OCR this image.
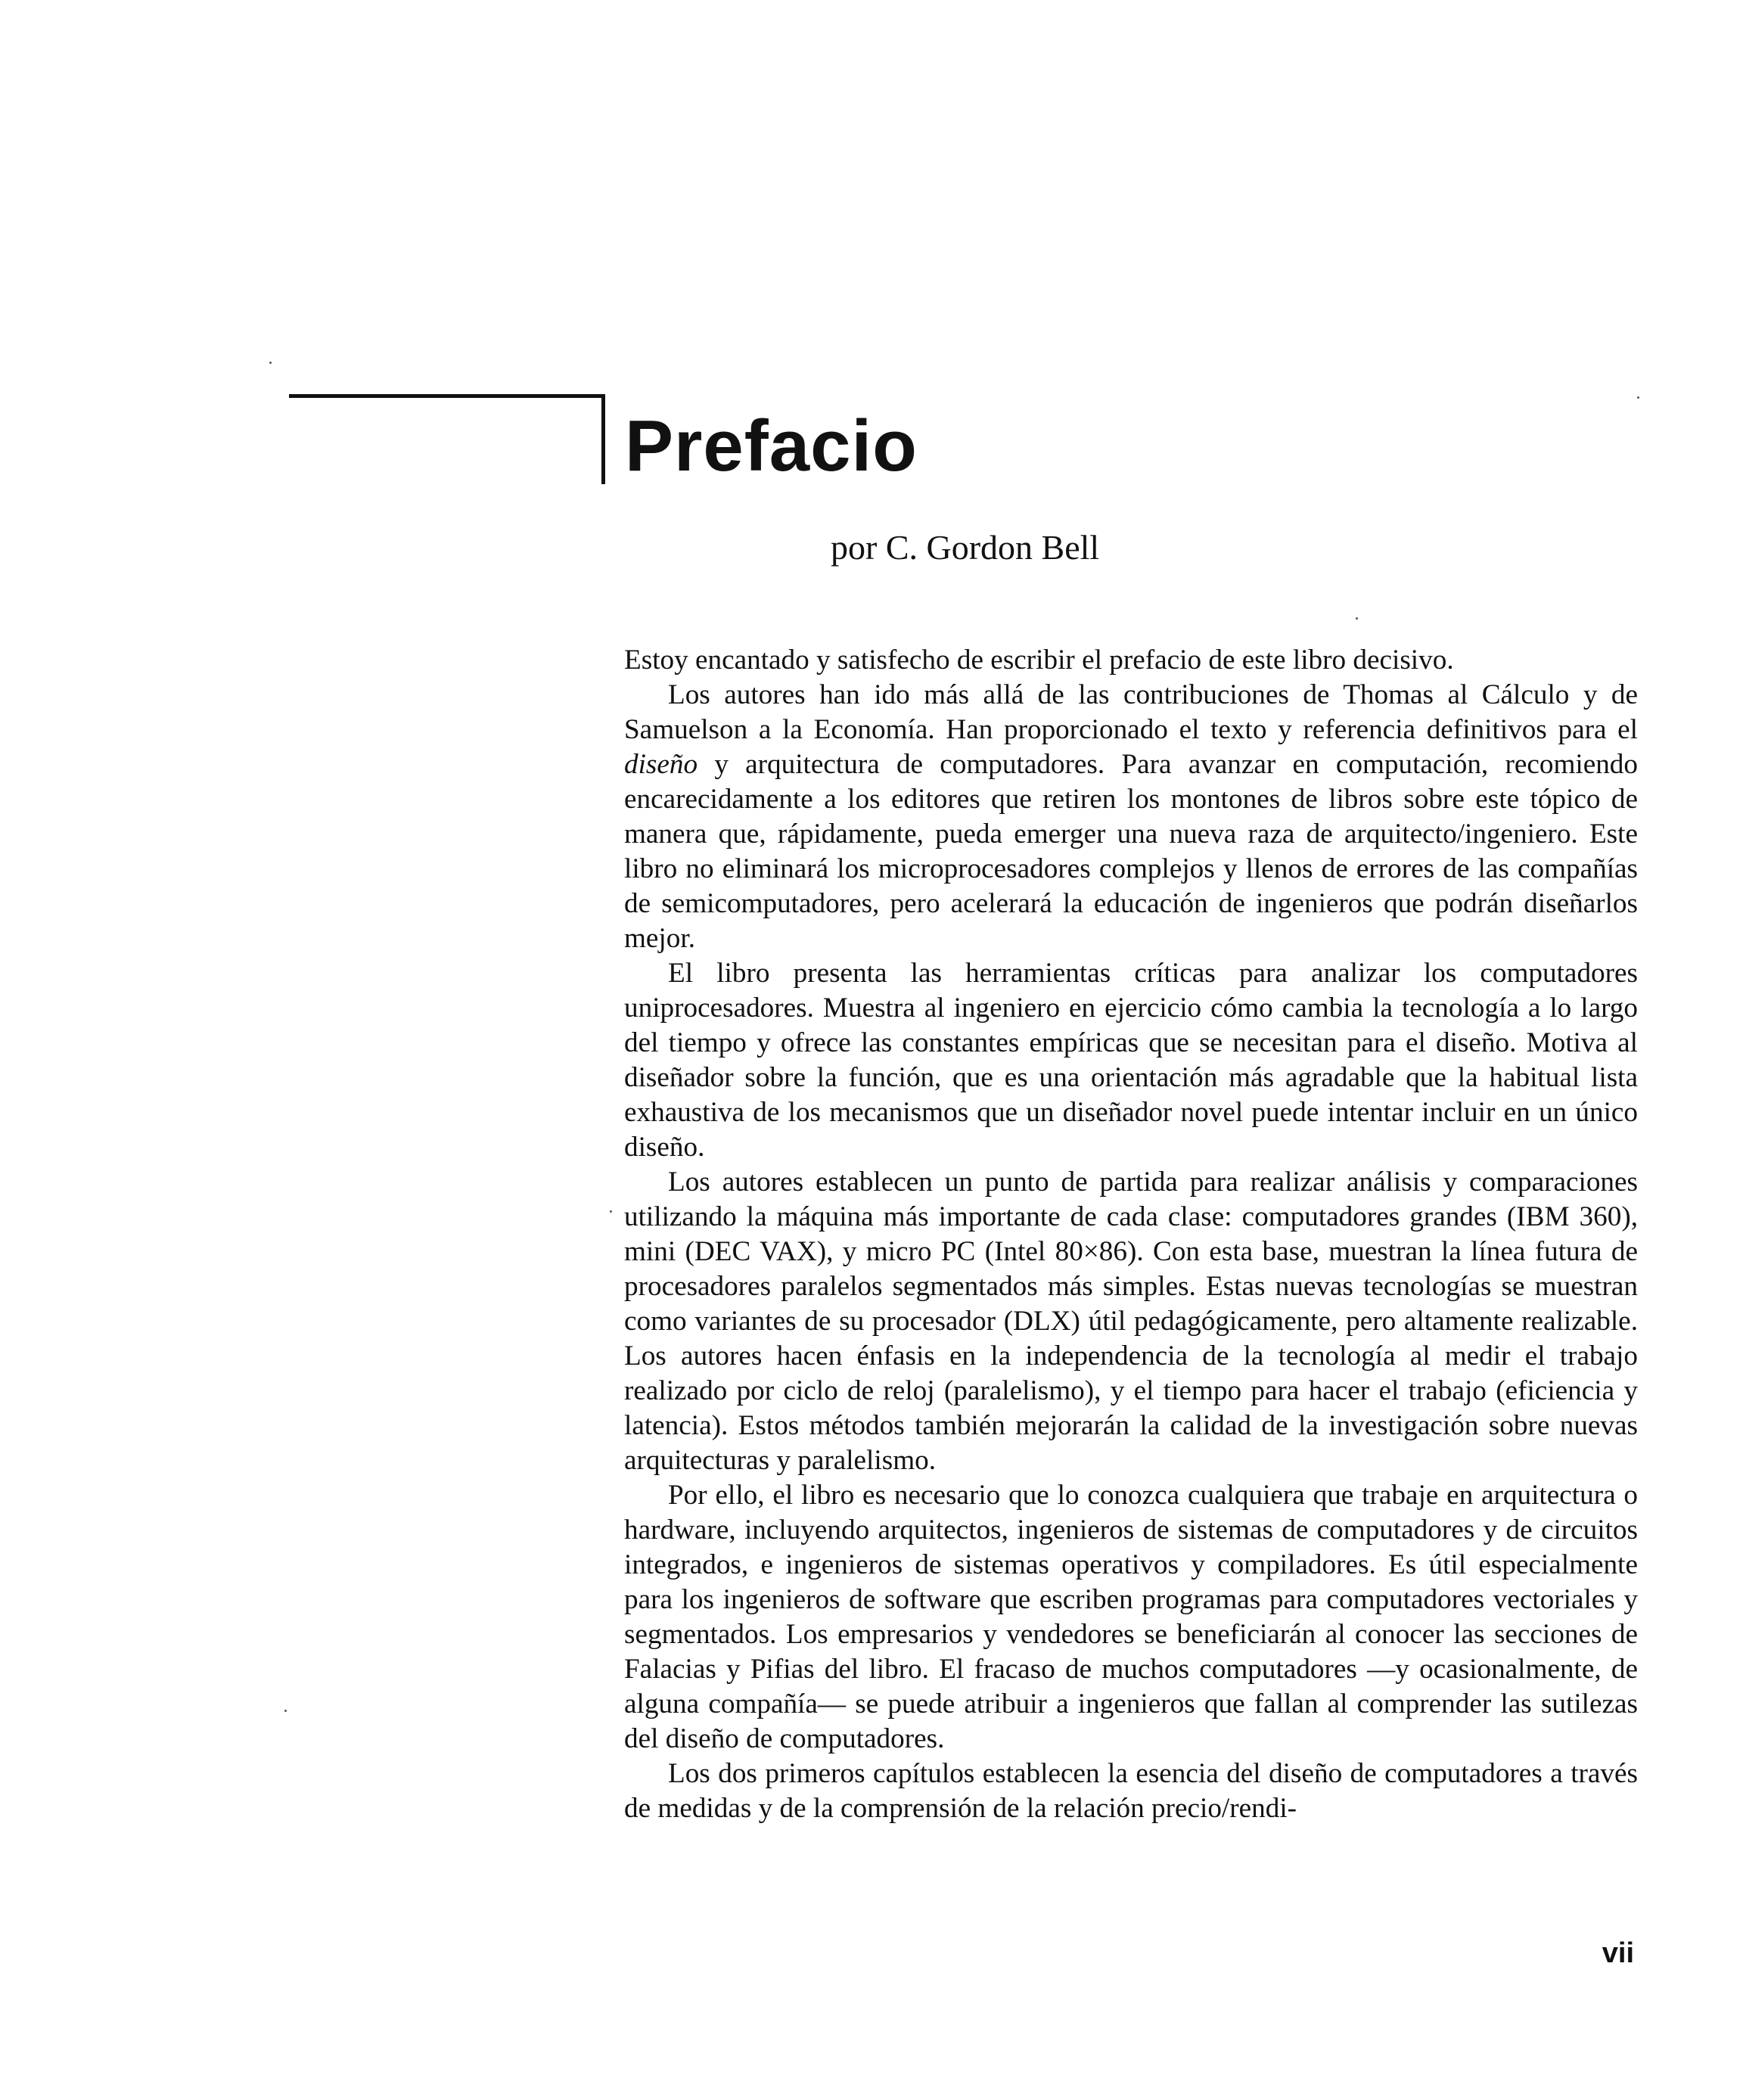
Prefacio

por C. Gordon Bell

Estoy encantado y satisfecho de escribir el prefacio de este libro decisivo.

Los autores han ido más allá de las contribuciones de Thomas al Cálculo y de Samuelson a la Economía. Han proporcionado el texto y referencia definitivos para el diseño y arquitectura de computadores. Para avanzar en computación, recomiendo encarecidamente a los editores que retiren los montones de libros sobre este tópico de manera que, rápidamente, pueda emerger una nueva raza de arquitecto/ingeniero. Este libro no eliminará los microprocesadores complejos y llenos de errores de las compañías de semicomputadores, pero acelerará la educación de ingenieros que podrán diseñarlos mejor.

El libro presenta las herramientas críticas para analizar los computadores uniprocesadores. Muestra al ingeniero en ejercicio cómo cambia la tecnología a lo largo del tiempo y ofrece las constantes empíricas que se necesitan para el diseño. Motiva al diseñador sobre la función, que es una orientación más agradable que la habitual lista exhaustiva de los mecanismos que un diseñador novel puede intentar incluir en un único diseño.

Los autores establecen un punto de partida para realizar análisis y comparaciones utilizando la máquina más importante de cada clase: computadores grandes (IBM 360), mini (DEC VAX), y micro PC (Intel 80×86). Con esta base, muestran la línea futura de procesadores paralelos segmentados más simples. Estas nuevas tecnologías se muestran como variantes de su procesador (DLX) útil pedagógicamente, pero altamente realizable. Los autores hacen énfasis en la independencia de la tecnología al medir el trabajo realizado por ciclo de reloj (paralelismo), y el tiempo para hacer el trabajo (eficiencia y latencia). Estos métodos también mejorarán la calidad de la investigación sobre nuevas arquitecturas y paralelismo.

Por ello, el libro es necesario que lo conozca cualquiera que trabaje en arquitectura o hardware, incluyendo arquitectos, ingenieros de sistemas de computadores y de circuitos integrados, e ingenieros de sistemas operativos y compiladores. Es útil especialmente para los ingenieros de software que escriben programas para computadores vectoriales y segmentados. Los empresarios y vendedores se beneficiarán al conocer las secciones de Falacias y Pifias del libro. El fracaso de muchos computadores —y ocasionalmente, de alguna compañía— se puede atribuir a ingenieros que fallan al comprender las sutilezas del diseño de computadores.

Los dos primeros capítulos establecen la esencia del diseño de computadores a través de medidas y de la comprensión de la relación precio/rendi-

vii
